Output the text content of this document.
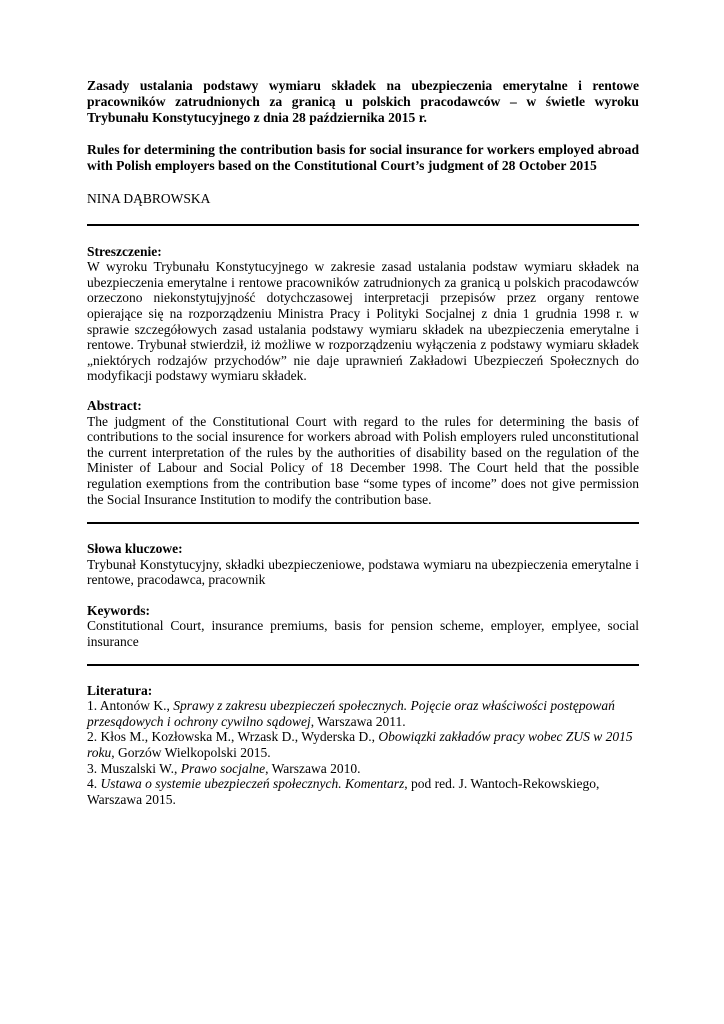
Zasady ustalania podstawy wymiaru składek na ubezpieczenia emerytalne i rentowe pracowników zatrudnionych za granicą u polskich pracodawców – w świetle wyroku Trybunału Konstytucyjnego z dnia 28 października 2015 r.

Rules for determining the contribution basis for social insurance for workers employed abroad with Polish employers based on the Constitutional Court’s judgment of 28 October 2015

NINA DĄBROWSKA

Streszczenie:

W wyroku Trybunału Konstytucyjnego w zakresie zasad ustalania podstaw wymiaru składek na ubezpieczenia emerytalne i rentowe pracowników zatrudnionych za granicą u polskich pracodawców orzeczono niekonstytujyjność dotychczasowej interpretacji przepisów przez organy rentowe opierające się na rozporządzeniu Ministra Pracy i Polityki Socjalnej z dnia 1 grudnia 1998 r. w sprawie szczegółowych zasad ustalania podstawy wymiaru składek na ubezpieczenia emerytalne i rentowe. Trybunał stwierdził, iż możliwe w rozporządzeniu wyłączenia z podstawy wymiaru składek „niektórych rodzajów przychodów” nie daje uprawnień Zakładowi Ubezpieczeń Społecznych do modyfikacji podstawy wymiaru składek.

Abstract:

The judgment of the Constitutional Court with regard to the rules for determining the basis of contributions to the social insurence for workers abroad with Polish employers ruled unconstitutional the current interpretation of the rules by the authorities of disability based on the regulation of the Minister of Labour and Social Policy of 18 December 1998. The Court held that the possible regulation exemptions from the contribution base “some types of income” does not give permission the Social Insurance Institution to modify the contribution base.

Słowa kluczowe:

Trybunał Konstytucyjny, składki ubezpieczeniowe, podstawa wymiaru na ubezpieczenia emerytalne i rentowe, pracodawca, pracownik

Keywords:

Constitutional Court, insurance premiums, basis for pension scheme, employer, emplyee, social insurance

Literatura:

1. Antonów K., Sprawy z zakresu ubezpieczeń społecznych. Pojęcie oraz właściwości postępowań przesądowych i ochrony cywilno sądowej, Warszawa 2011.

2. Kłos M., Kozłowska M., Wrzask D., Wyderska D., Obowiązki zakładów pracy wobec ZUS w 2015 roku, Gorzów Wielkopolski 2015.

3. Muszalski W., Prawo socjalne, Warszawa 2010.

4. Ustawa o systemie ubezpieczeń społecznych. Komentarz, pod red. J. Wantoch-Rekowskiego, Warszawa 2015.
